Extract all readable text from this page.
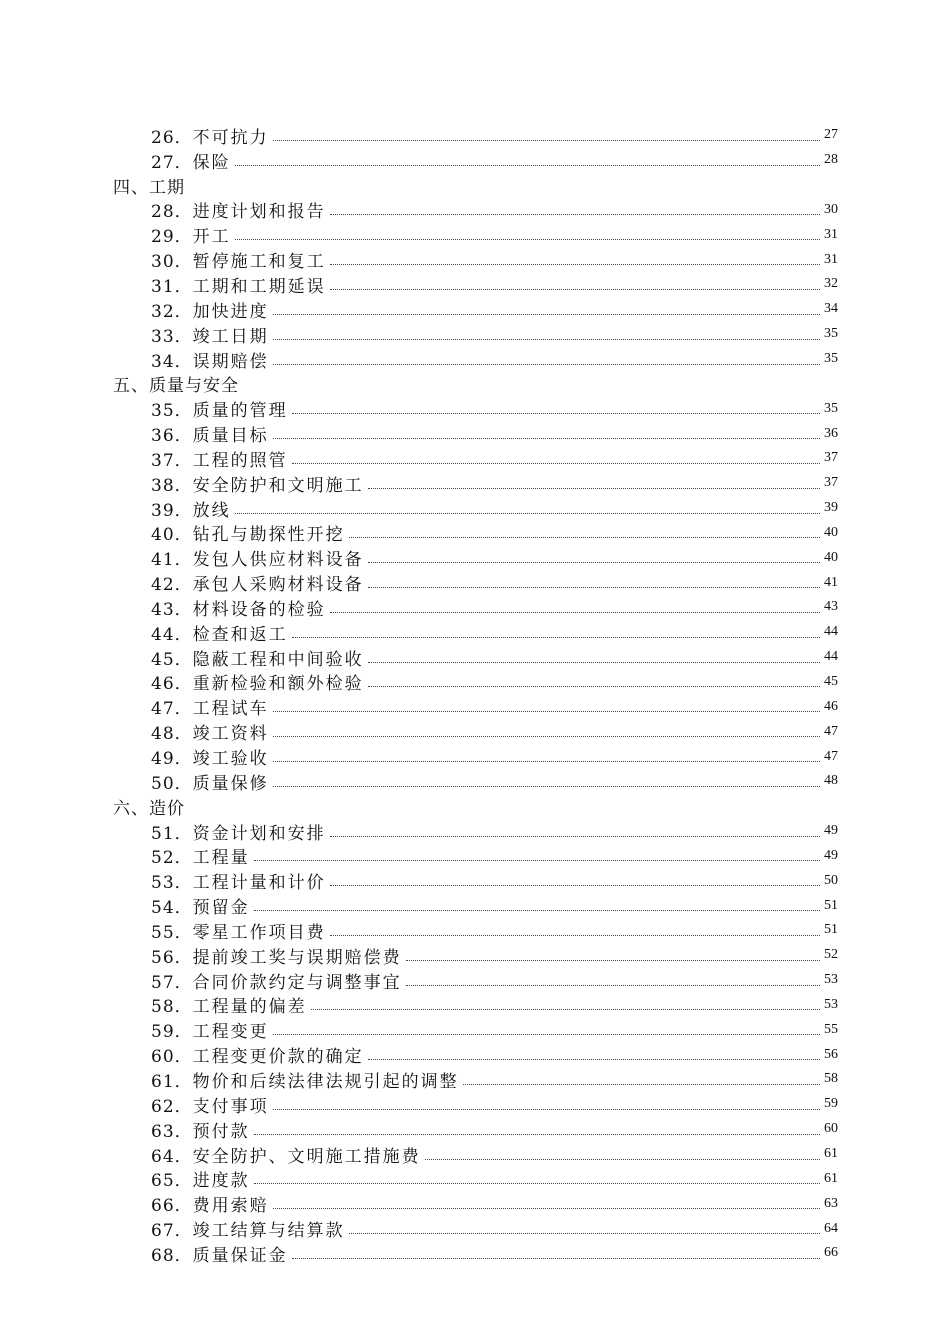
26． 不可抗力	27
27． 保险	28
四、工期
28． 进度计划和报告	30
29． 开工	31
30． 暂停施工和复工	31
31． 工期和工期延误	32
32． 加快进度	34
33． 竣工日期	35
34． 误期赔偿	35
五、质量与安全
35． 质量的管理	35
36． 质量目标	36
37． 工程的照管	37
38． 安全防护和文明施工	37
39． 放线	39
40． 钻孔与勘探性开挖	40
41． 发包人供应材料设备	40
42． 承包人采购材料设备	41
43． 材料设备的检验	43
44． 检查和返工	44
45． 隐蔽工程和中间验收	44
46． 重新检验和额外检验	45
47． 工程试车	46
48． 竣工资料	47
49． 竣工验收	47
50． 质量保修	48
六、造价
51． 资金计划和安排	49
52． 工程量	49
53． 工程计量和计价	50
54． 预留金	51
55． 零星工作项目费	51
56． 提前竣工奖与误期赔偿费	52
57． 合同价款约定与调整事宜	53
58． 工程量的偏差	53
59． 工程变更	55
60． 工程变更价款的确定	56
61． 物价和后续法律法规引起的调整	58
62． 支付事项	59
63． 预付款	60
64． 安全防护、文明施工措施费	61
65． 进度款	61
66． 费用索赔	63
67． 竣工结算与结算款	64
68． 质量保证金	66
